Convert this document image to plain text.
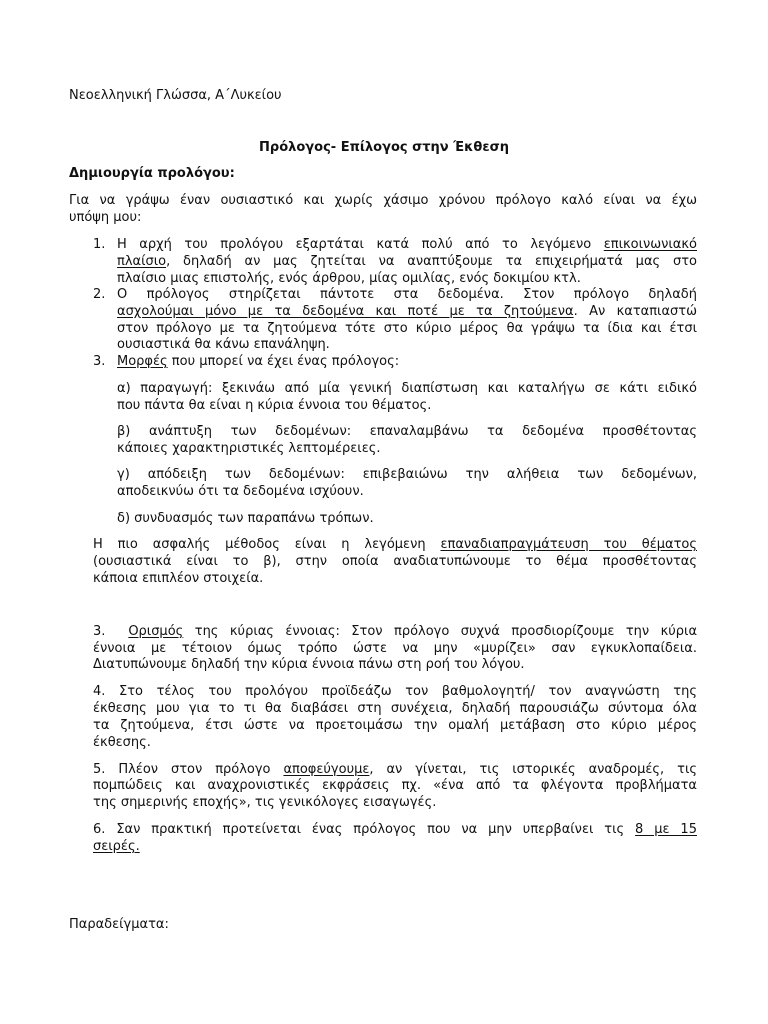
Νεοελληνική Γλώσσα, Α΄Λυκείου
Πρόλογος- Επίλογος στην Έκθεση
Δημιουργία προλόγου:
Για να γράψω έναν ουσιαστικό και χωρίς χάσιμο χρόνου πρόλογο καλό είναι να έχω
υπόψη μου:
1. Η αρχή του προλόγου εξαρτάται κατά πολύ από το λεγόμενο επικοινωνιακό
πλαίσιο, δηλαδή αν μας ζητείται να αναπτύξουμε τα επιχειρήματά μας στο
πλαίσιο μιας επιστολής, ενός άρθρου, μίας ομιλίας, ενός δοκιμίου κτλ.
2. Ο πρόλογος στηρίζεται πάντοτε στα δεδομένα. Στον πρόλογο δηλαδή
ασχολούμαι μόνο με τα δεδομένα και ποτέ με τα ζητούμενα. Αν καταπιαστώ
στον πρόλογο με τα ζητούμενα τότε στο κύριο μέρος θα γράψω τα ίδια και έτσι
ουσιαστικά θα κάνω επανάληψη.
3. Μορφές που μπορεί να έχει ένας πρόλογος:
α) παραγωγή: ξεκινάω από μία γενική διαπίστωση και καταλήγω σε κάτι ειδικό
που πάντα θα είναι η κύρια έννοια του θέματος.
β) ανάπτυξη των δεδομένων: επαναλαμβάνω τα δεδομένα προσθέτοντας
κάποιες χαρακτηριστικές λεπτομέρειες.
γ) απόδειξη των δεδομένων: επιβεβαιώνω την αλήθεια των δεδομένων,
αποδεικνύω ότι τα δεδομένα ισχύουν.
δ) συνδυασμός των παραπάνω τρόπων.
Η πιο ασφαλής μέθοδος είναι η λεγόμενη επαναδιαπραγμάτευση του θέματος
(ουσιαστικά είναι το β), στην οποία αναδιατυπώνουμε το θέμα προσθέτοντας
κάποια επιπλέον στοιχεία.
3. Ορισμός της κύριας έννοιας: Στον πρόλογο συχνά προσδιορίζουμε την κύρια
έννοια με τέτοιον όμως τρόπο ώστε να μην «μυρίζει» σαν εγκυκλοπαίδεια.
Διατυπώνουμε δηλαδή την κύρια έννοια πάνω στη ροή του λόγου.
4. Στο τέλος του προλόγου προϊδεάζω τον βαθμολογητή/ τον αναγνώστη της
έκθεσης μου για το τι θα διαβάσει στη συνέχεια, δηλαδή παρουσιάζω σύντομα όλα
τα ζητούμενα, έτσι ώστε να προετοιμάσω την ομαλή μετάβαση στο κύριο μέρος
έκθεσης.
5. Πλέον στον πρόλογο αποφεύγουμε, αν γίνεται, τις ιστορικές αναδρομές, τις
πομπώδεις και αναχρονιστικές εκφράσεις πχ. «ένα από τα φλέγοντα προβλήματα
της σημερινής εποχής», τις γενικόλογες εισαγωγές.
6. Σαν πρακτική προτείνεται ένας πρόλογος που να μην υπερβαίνει τις 8 με 15
σειρές.
Παραδείγματα:
